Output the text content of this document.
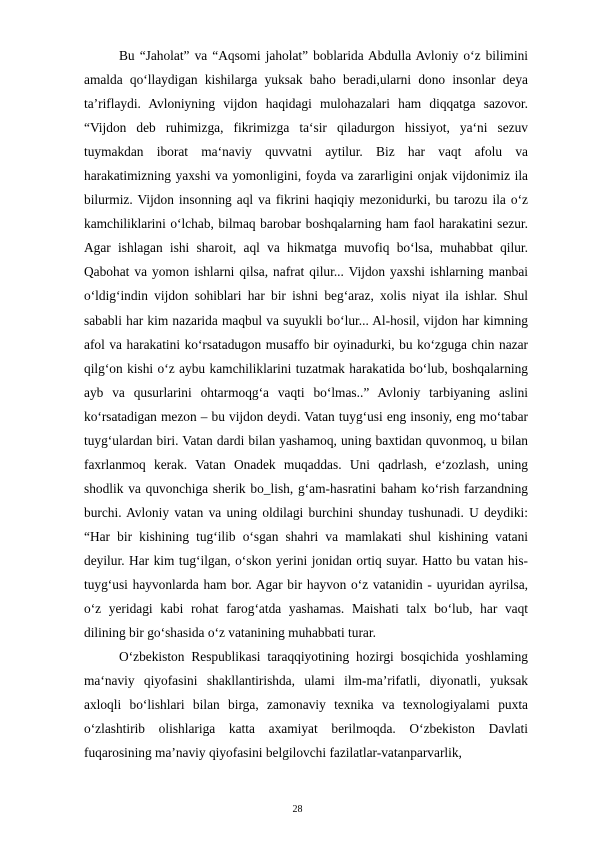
Bu “Jaholat” va “Aqsomi jaholat” boblarida Abdulla Avloniy o‘z bilimini amalda qo‘llaydigan kishilarga yuksak baho beradi,ularni dono insonlar deya ta’riflaydi. Avloniyning vijdon haqidagi mulohazalari ham diqqatga sazovor. “Vijdon deb ruhimizga, fikrimizga ta‘sir qiladurgon hissiyot, ya‘ni sezuv tuymakdan iborat ma‘naviy quvvatni aytilur. Biz har vaqt afolu va harakatimizning yaxshi va yomonligini, foyda va zararligini onjak vijdonimiz ila bilurmiz. Vijdon insonning aql va fikrini haqiqiy mezonidurki, bu tarozu ila o‘z kamchiliklarini o‘lchab, bilmaq barobar boshqalarning ham faol harakatini sezur. Agar ishlagan ishi sharoit, aql va hikmatga muvofiq bo‘lsa, muhabbat qilur. Qabohat va yomon ishlarni qilsa, nafrat qilur... Vijdon yaxshi ishlarning manbai o‘ldig‘indin vijdon sohiblari har bir ishni beg‘araz, xolis niyat ila ishlar. Shul sababli har kim nazarida maqbul va suyukli bo‘lur... Al-hosil, vijdon har kimning afol va harakatini ko‘rsatadugon musaffo bir oyinadurki, bu ko‘zguga chin nazar qilg‘on kishi o‘z aybu kamchiliklarini tuzatmak harakatida bo‘lub, boshqalarning ayb va qusurlarini ohtarmoqg‘a vaqti bo‘lmas..” Avloniy tarbiyaning aslini ko‘rsatadigan mezon – bu vijdon deydi. Vatan tuyg‘usi eng insoniy, eng mo‘tabar tuyg‘ulardan biri. Vatan dardi bilan yashamoq, uning baxtidan quvonmoq, u bilan faxrlanmoq kerak. Vatan Onadek muqaddas. Uni qadrlash, e‘zozlash, uning shodlik va quvonchiga sherik bo_lish, g‘am-hasratini baham ko‘rish farzandning burchi. Avloniy vatan va uning oldilagi burchini shunday tushunadi. U deydiki: “Har bir kishining tug‘ilib o‘sgan shahri va mamlakati shul kishining vatani deyilur. Har kim tug‘ilgan, o‘skon yerini jonidan ortiq suyar. Hatto bu vatan his-tuyg‘usi hayvonlarda ham bor. Agar bir hayvon o‘z vatanidin - uyuridan ayrilsa, o‘z yeridagi kabi rohat farog‘atda yashamas. Maishati talx bo‘lub, har vaqt dilining bir go‘shasida o‘z vatanining muhabbati turar.

O‘zbekiston Respublikasi taraqqiyotining hozirgi bosqichida yoshlaming ma‘naviy qiyofasini shakllantirishda, ulami ilm-ma’rifatli, diyonatli, yuksak axloqli bo‘lishlari bilan birga, zamonaviy texnika va texnologiyalami puxta o‘zlashtirib olishlariga katta axamiyat berilmoqda. O‘zbekiston Davlati fuqarosining ma’naviy qiyofasini belgilovchi fazilatlar-vatanparvarlik,

28
